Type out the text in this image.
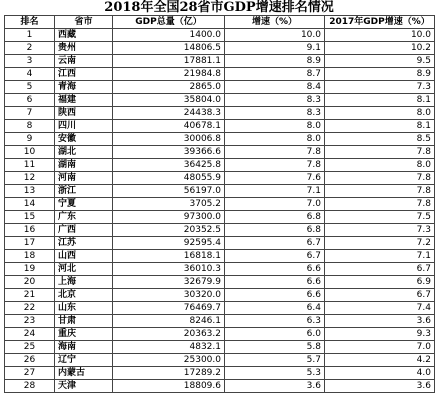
2018年全国28省市GDP增速排名情况
排名	省市	GDP总量（亿）	增速（%）	2017年GDP增速（%）
1	西藏	1400.0	10.0	10.0
2	贵州	14806.5	9.1	10.2
3	云南	17881.1	8.9	9.5
4	江西	21984.8	8.7	8.9
5	青海	2865.0	8.4	7.3
6	福建	35804.0	8.3	8.1
7	陕西	24438.3	8.3	8.0
8	四川	40678.1	8.0	8.1
9	安徽	30006.8	8.0	8.5
10	湖北	39366.6	7.8	7.8
11	湖南	36425.8	7.8	8.0
12	河南	48055.9	7.6	7.8
13	浙江	56197.0	7.1	7.8
14	宁夏	3705.2	7.0	7.8
15	广东	97300.0	6.8	7.5
16	广西	20352.5	6.8	7.3
17	江苏	92595.4	6.7	7.2
18	山西	16818.1	6.7	7.1
19	河北	36010.3	6.6	6.7
20	上海	32679.9	6.6	6.9
21	北京	30320.0	6.6	6.7
22	山东	76469.7	6.4	7.4
23	甘肃	8246.1	6.3	3.6
24	重庆	20363.2	6.0	9.3
25	海南	4832.1	5.8	7.0
26	辽宁	25300.0	5.7	4.2
27	内蒙古	17289.2	5.3	4.0
28	天津	18809.6	3.6	3.6
